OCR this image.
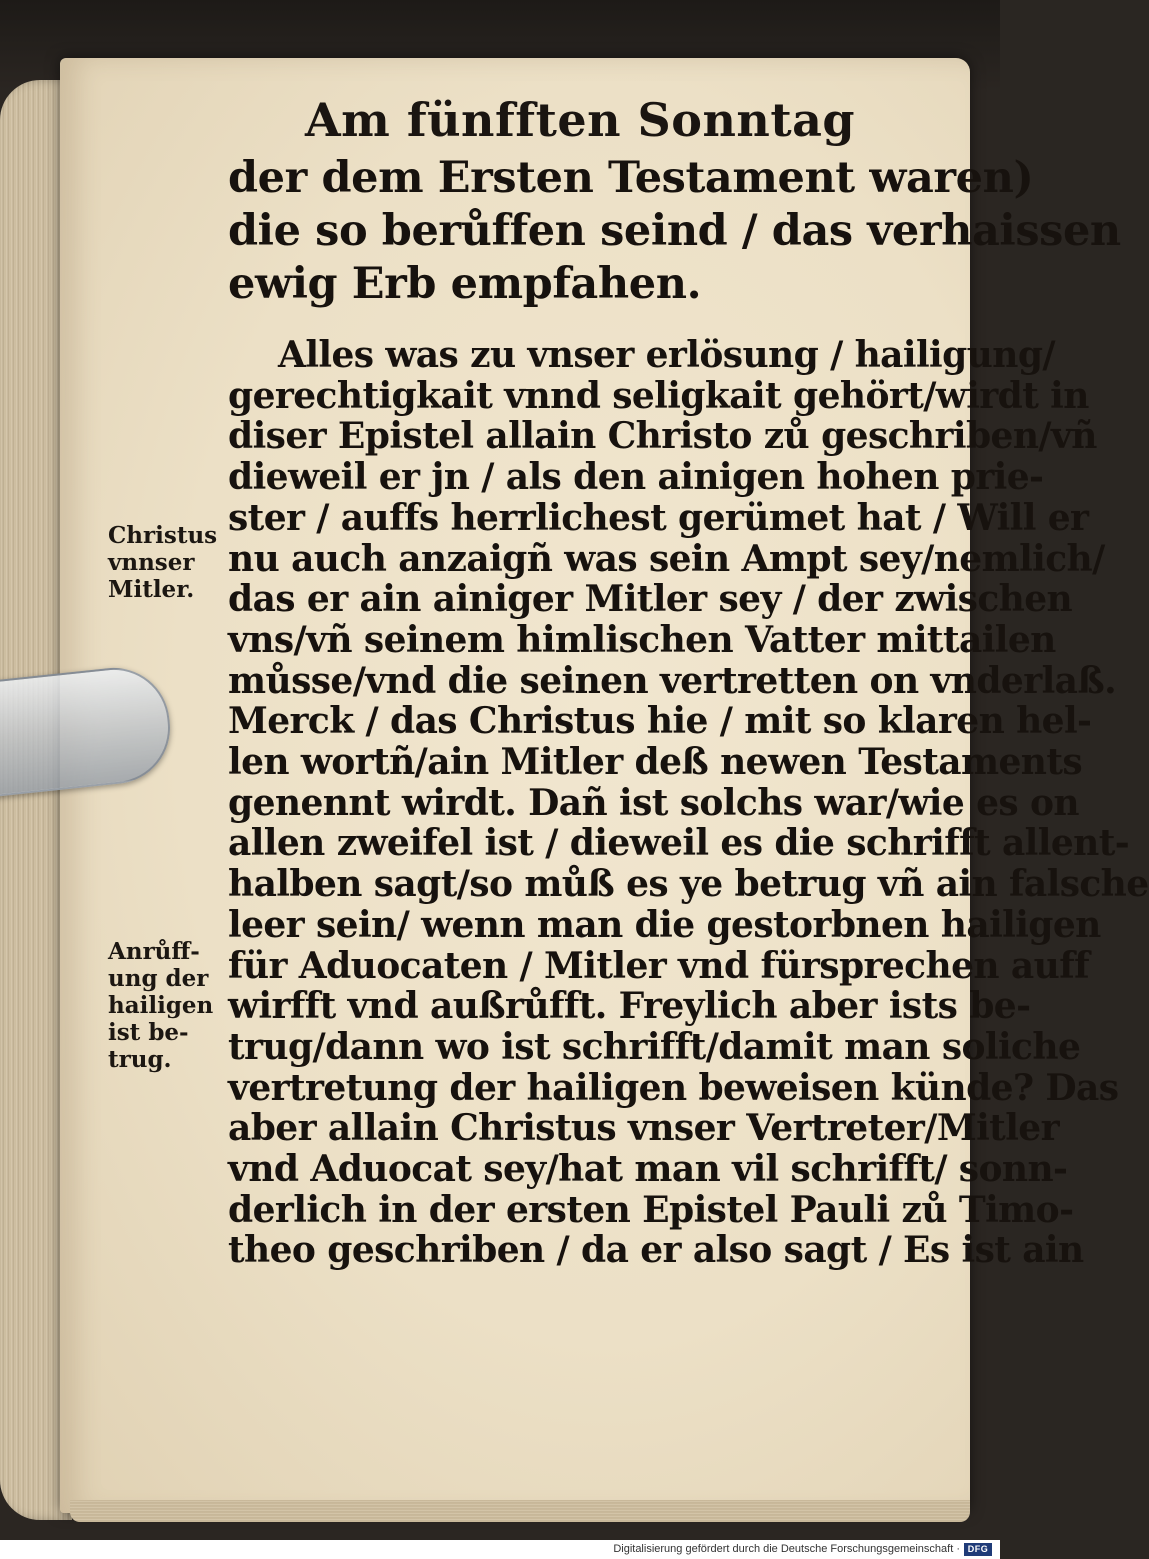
Am fünfften Sonntag
der dem Ersten Testament waren)
die so berůffen seind / das verhaissen
ewig Erb empfahen.
Alles was zu vnser erlösung / hailigung/
gerechtigkait vnnd seligkait gehört/wirdt in
diser Epistel allain Christo zů geschriben/vñ
dieweil er jn / als den ainigen hohen prie-
ster / auffs herrlichest gerümet hat / Will er
nu auch anzaigñ was sein Ampt sey/nemlich/
das er ain ainiger Mitler sey / der zwischen
vns/vñ seinem himlischen Vatter mittailen
můsse/vnd die seinen vertretten on vnderlaß.
Merck / das Christus hie / mit so klaren hel-
len wortñ/ain Mitler deß newen Testaments
genennt wirdt. Dañ ist solchs war/wie es on
allen zweifel ist / dieweil es die schrifft allent-
halben sagt/so můß es ye betrug vñ ain falsche
leer sein/ wenn man die gestorbnen hailigen
für Aduocaten / Mitler vnd fürsprechen auff
wirfft vnd außrůfft. Freylich aber ists be-
trug/dann wo ist schrifft/damit man soliche
vertretung der hailigen beweisen künde? Das
aber allain Christus vnser Vertreter/Mitler
vnd Aduocat sey/hat man vil schrifft/ sonn-
derlich in der ersten Epistel Pauli zů Timo-
theo geschriben / da er also sagt / Es ist ain
Christus
vnnser
Mitler.
Anrůff-
ung der
hailigen
ist be-
trug.
Digitalisierung gefördert durch die Deutsche Forschungsgemeinschaft · DFG
